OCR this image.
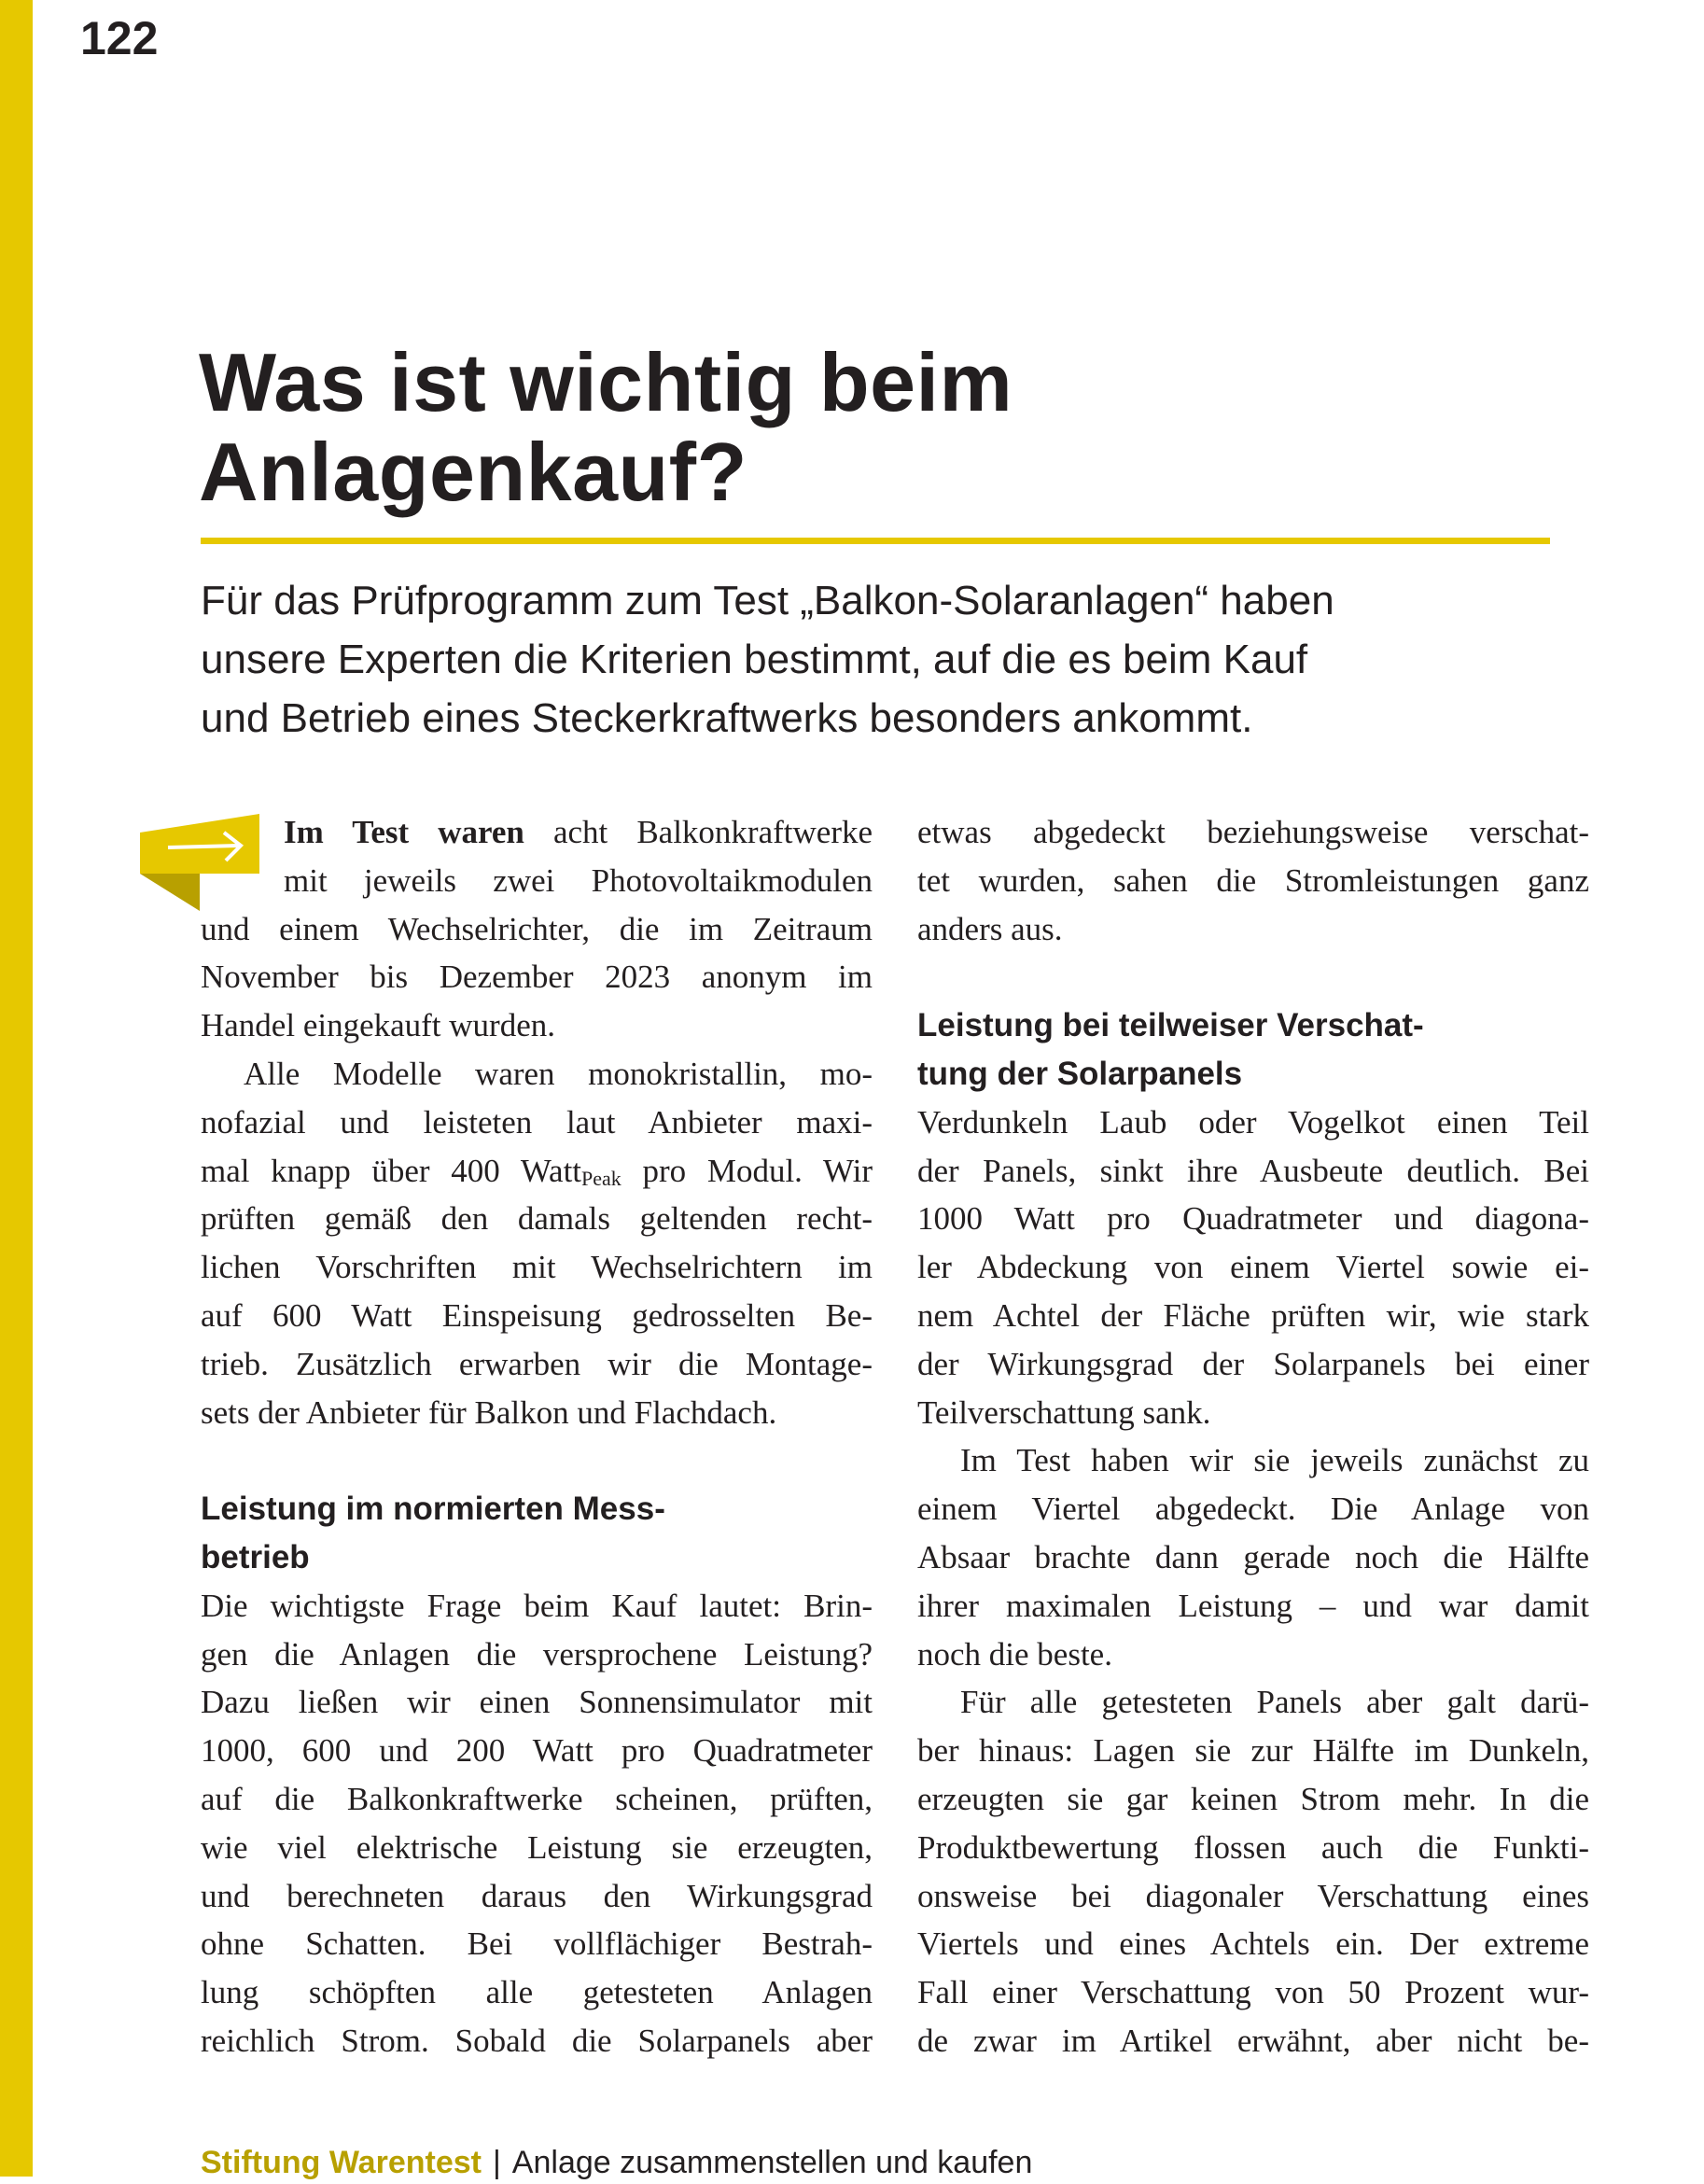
122
Was ist wichtig beim
Anlagenkauf?
Für das Prüfprogramm zum Test „Balkon-Solaranlagen“ haben
unsere Experten die Kriterien bestimmt, auf die es beim Kauf
und Betrieb eines Steckerkraftwerks besonders ankommt.
Im Test waren acht Balkonkraftwerke
mit jeweils zwei Photovoltaikmodulen
und einem Wechselrichter, die im Zeitraum
November bis Dezember 2023 anonym im
Handel eingekauft wurden.
Alle Modelle waren monokristallin, mo-
nofazial und leisteten laut Anbieter maxi-
mal knapp über 400 WattPeak pro Modul. Wir
prüften gemäß den damals geltenden recht-
lichen Vorschriften mit Wechselrichtern im
auf 600 Watt Einspeisung gedrosselten Be-
trieb. Zusätzlich erwarben wir die Montage-
sets der Anbieter für Balkon und Flachdach.

Leistung im normierten Mess-
betrieb
Die wichtigste Frage beim Kauf lautet: Brin-
gen die Anlagen die versprochene Leistung?
Dazu ließen wir einen Sonnensimulator mit
1000, 600 und 200 Watt pro Quadratmeter
auf die Balkonkraftwerke scheinen, prüften,
wie viel elektrische Leistung sie erzeugten,
und berechneten daraus den Wirkungsgrad
ohne Schatten. Bei vollflächiger Bestrah-
lung schöpften alle getesteten Anlagen
reichlich Strom. Sobald die Solarpanels aber
etwas abgedeckt beziehungsweise verschat-
tet wurden, sahen die Stromleistungen ganz
anders aus.

Leistung bei teilweiser Verschat-
tung der Solarpanels
Verdunkeln Laub oder Vogelkot einen Teil
der Panels, sinkt ihre Ausbeute deutlich. Bei
1000 Watt pro Quadratmeter und diagona-
ler Abdeckung von einem Viertel sowie ei-
nem Achtel der Fläche prüften wir, wie stark
der Wirkungsgrad der Solarpanels bei einer
Teilverschattung sank.
Im Test haben wir sie jeweils zunächst zu
einem Viertel abgedeckt. Die Anlage von
Absaar brachte dann gerade noch die Hälfte
ihrer maximalen Leistung – und war damit
noch die beste.
Für alle getesteten Panels aber galt darü-
ber hinaus: Lagen sie zur Hälfte im Dunkeln,
erzeugten sie gar keinen Strom mehr. In die
Produktbewertung flossen auch die Funkti-
onsweise bei diagonaler Verschattung eines
Viertels und eines Achtels ein. Der extreme
Fall einer Verschattung von 50 Prozent wur-
de zwar im Artikel erwähnt, aber nicht be-
Stiftung Warentest | Anlage zusammenstellen und kaufen
